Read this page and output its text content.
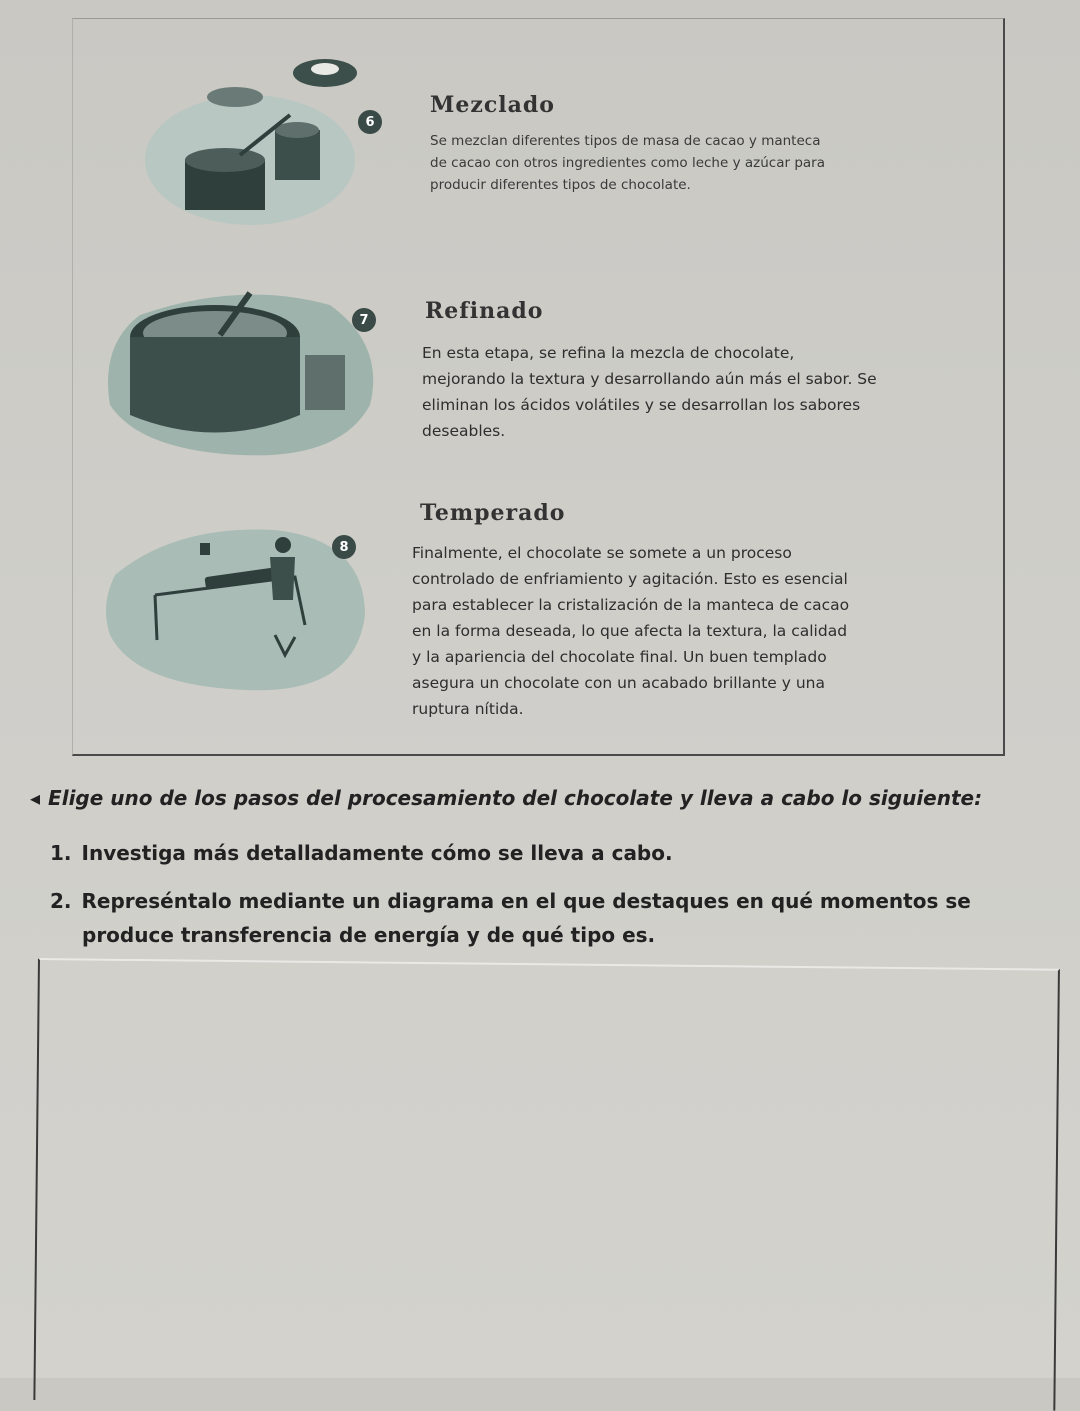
6
Mezclado
Se mezclan diferentes tipos de masa de cacao y manteca
de cacao con otros ingredientes como leche y azúcar para
producir diferentes tipos de chocolate.
7	Refinado
En esta etapa, se refina la mezcla de chocolate,
mejorando la textura y desarrollando aún más el sabor. Se
eliminan los ácidos volátiles y se desarrollan los sabores
deseables.
8
Temperado
Finalmente, el chocolate se somete a un proceso
controlado de enfriamiento y agitación. Esto es esencial
para establecer la cristalización de la manteca de cacao
en la forma deseada, lo que afecta la textura, la calidad
y la apariencia del chocolate final. Un buen templado
asegura un chocolate con un acabado brillante y una
ruptura nítida.
◂ Elige uno de los pasos del procesamiento del chocolate y lleva a cabo lo siguiente:
1. Investiga más detalladamente cómo se lleva a cabo.
2. Represéntalo mediante un diagrama en el que destaques en qué momentos se
produce transferencia de energía y de qué tipo es.
